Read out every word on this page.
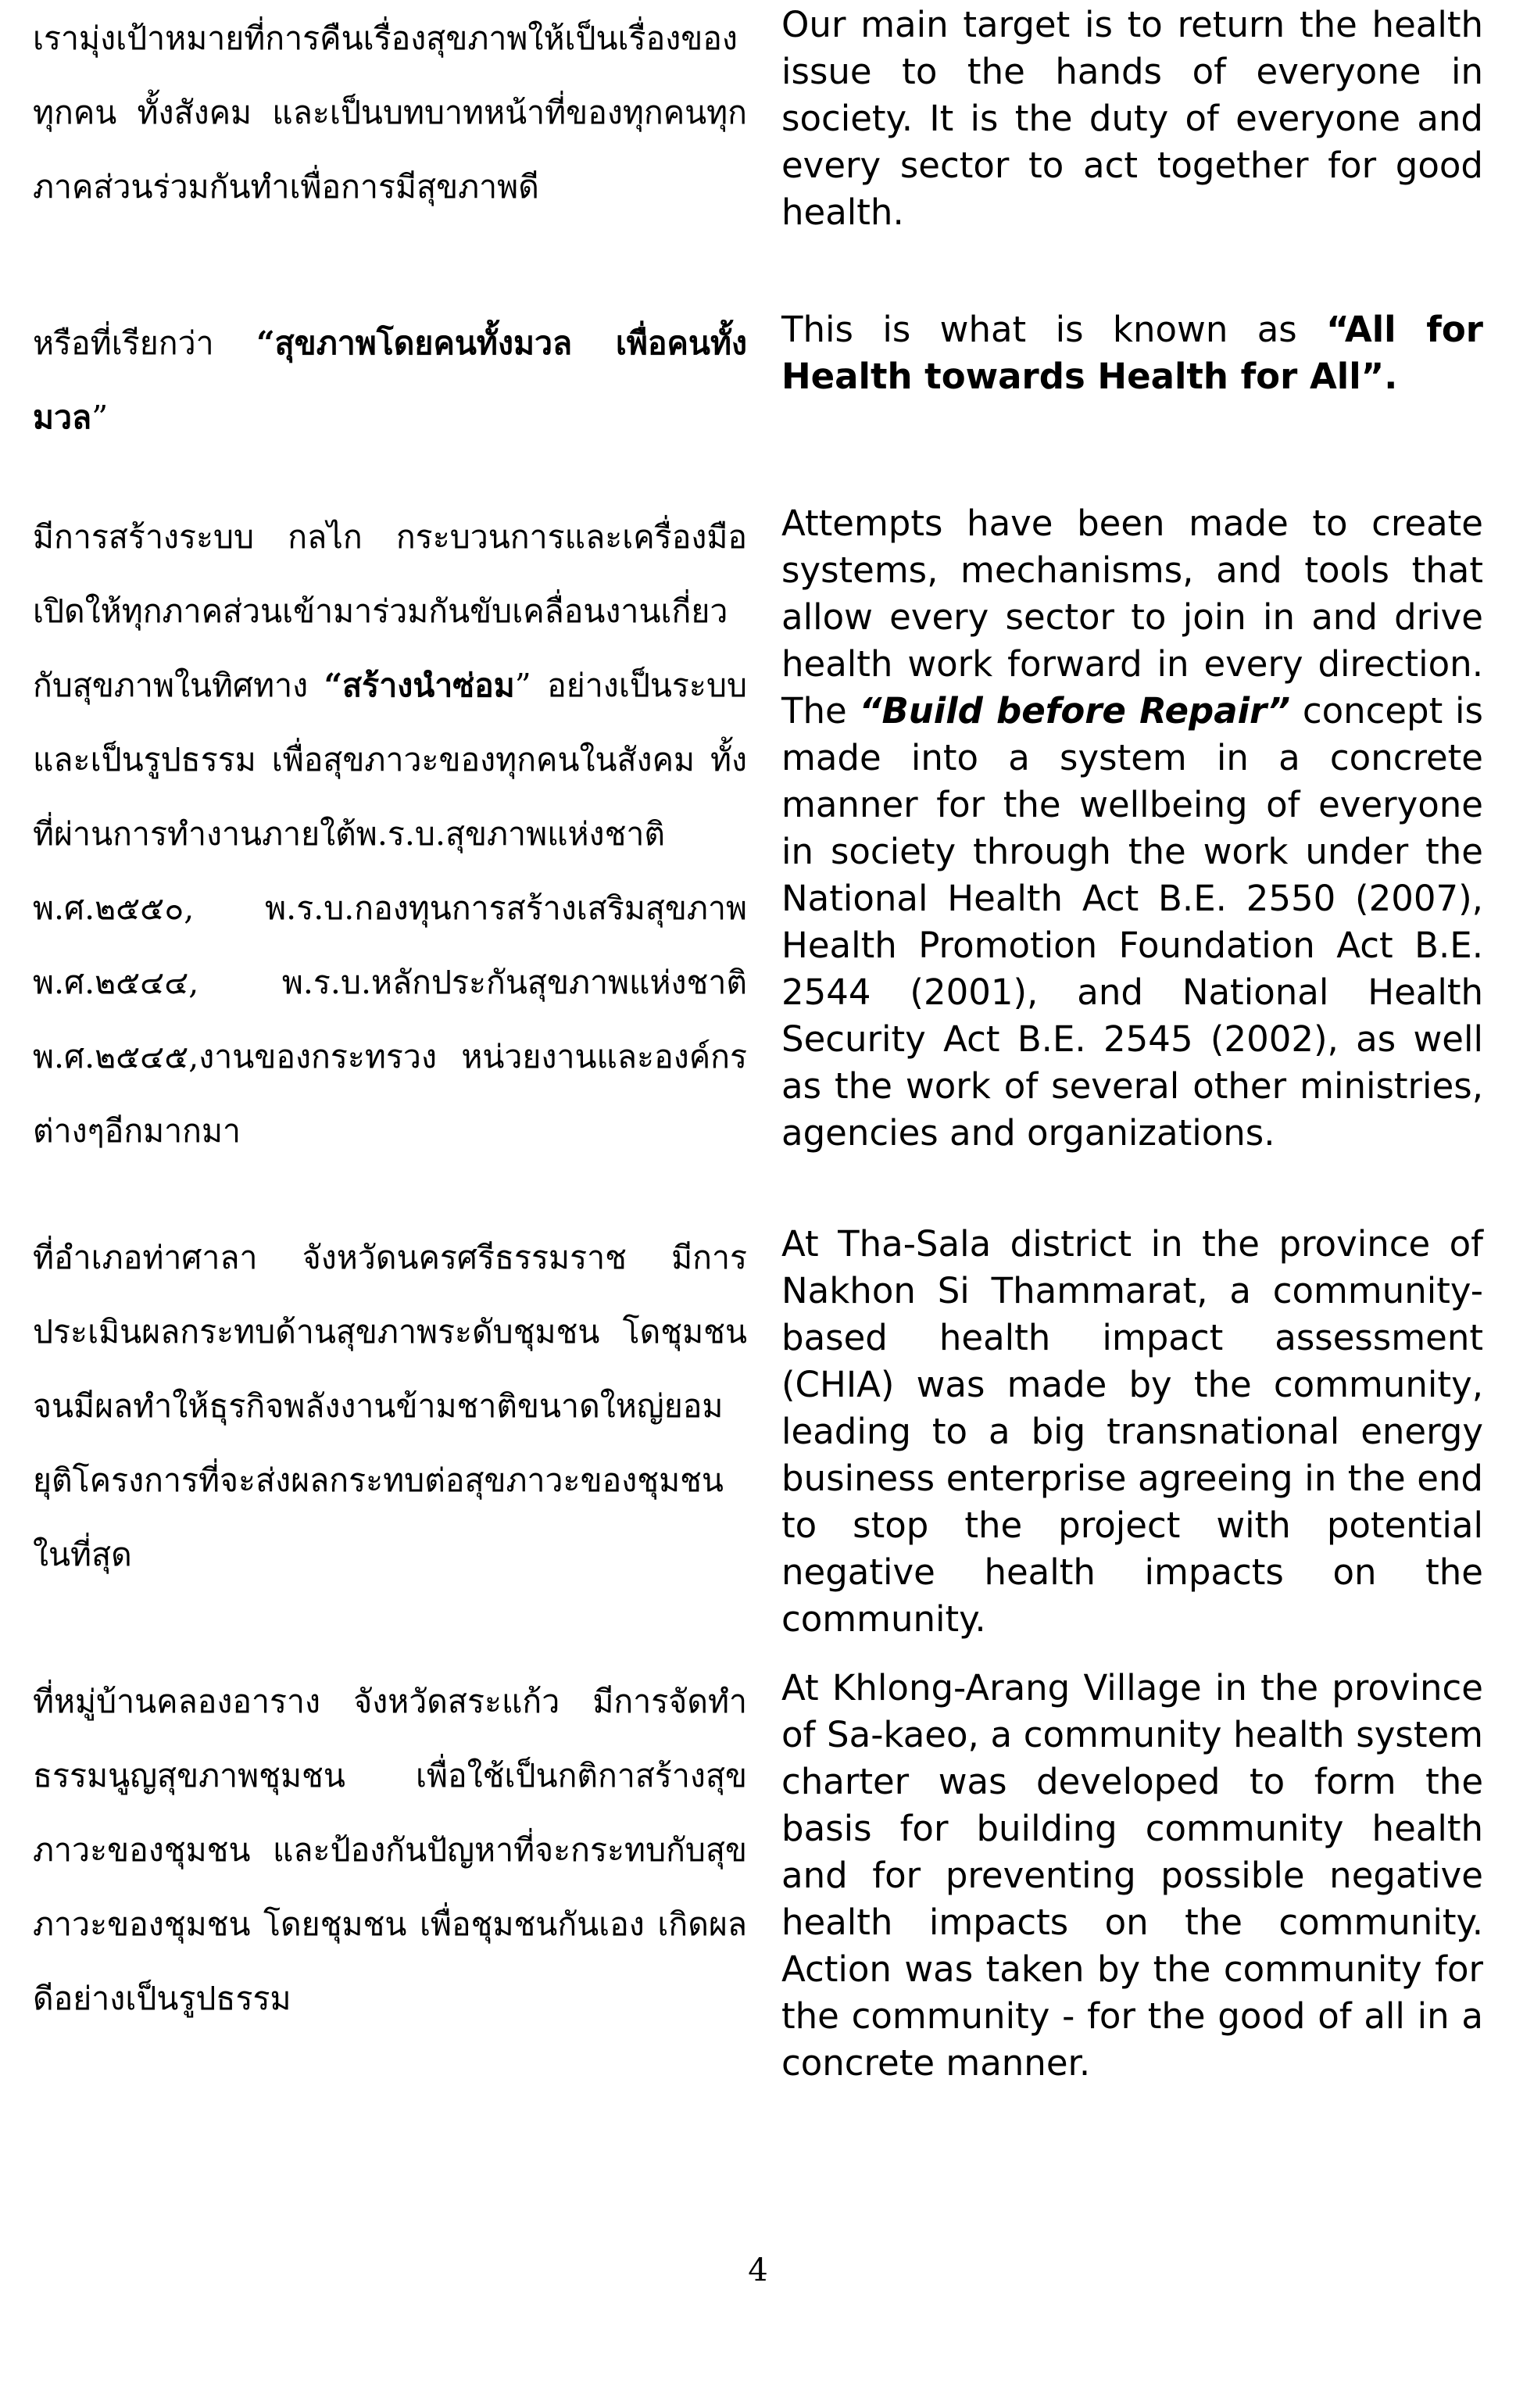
เรามุ่งเป้าหมายที่การคืนเรื่องสุขภาพให้เป็นเรื่องของทุกคน ทั้งสังคม และเป็นบทบาทหน้าที่ของทุกคนทุกภาคส่วนร่วมกันทำเพื่อการมีสุขภาพดี
Our main target is to return the health issue to the hands of everyone in society. It is the duty of everyone and every sector to act together for good health.
หรือที่เรียกว่า “สุขภาพโดยคนทั้งมวล เพื่อคนทั้งมวล”
This is what is known as “All for Health towards Health for All”.
มีการสร้างระบบ กลไก กระบวนการและเครื่องมือเปิดให้ทุกภาคส่วนเข้ามาร่วมกันขับเคลื่อนงานเกี่ยวกับสุขภาพในทิศทาง “สร้างนำซ่อม” อย่างเป็นระบบและเป็นรูปธรรม เพื่อสุขภาวะของทุกคนในสังคม ทั้งที่ผ่านการทำงานภายใต้พ.ร.บ.สุขภาพแห่งชาติ พ.ศ.๒๕๕๐, พ.ร.บ.กองทุนการสร้างเสริมสุขภาพ พ.ศ.๒๕๔๔, พ.ร.บ.หลักประกันสุขภาพแห่งชาติ พ.ศ.๒๕๔๕,งานของกระทรวง หน่วยงานและองค์กรต่างๆอีกมากมา
Attempts have been made to create systems, mechanisms, and tools that allow every sector to join in and drive health work forward in every direction. The “Build before Repair” concept is made into a system in a concrete manner for the wellbeing of everyone in society through the work under the National Health Act B.E. 2550 (2007), Health Promotion Foundation Act B.E. 2544 (2001), and National Health Security Act B.E. 2545 (2002), as well as the work of several other ministries, agencies and organizations.
ที่อำเภอท่าศาลา จังหวัดนครศรีธรรมราช มีการประเมินผลกระทบด้านสุขภาพระดับชุมชน โดชุมชนจนมีผลทำให้ธุรกิจพลังงานข้ามชาติขนาดใหญ่ยอมยุติโครงการที่จะส่งผลกระทบต่อสุขภาวะของชุมชนในที่สุด
At Tha-Sala district in the province of Nakhon Si Thammarat, a community-based health impact assessment (CHIA) was made by the community, leading to a big transnational energy business enterprise agreeing in the end to stop the project with potential negative health impacts on the community.
ที่หมู่บ้านคลองอาราง จังหวัดสระแก้ว มีการจัดทำธรรมนูญสุขภาพชุมชน เพื่อใช้เป็นกติกาสร้างสุขภาวะของชุมชน และป้องกันปัญหาที่จะกระทบกับสุขภาวะของชุมชน โดยชุมชน เพื่อชุมชนกันเอง เกิดผลดีอย่างเป็นรูปธรรม
At Khlong-Arang Village in the province of Sa-kaeo, a community health system charter was developed to form the basis for building community health and for preventing possible negative health impacts on the community. Action was taken by the community for the community - for the good of all in a concrete manner.
4
